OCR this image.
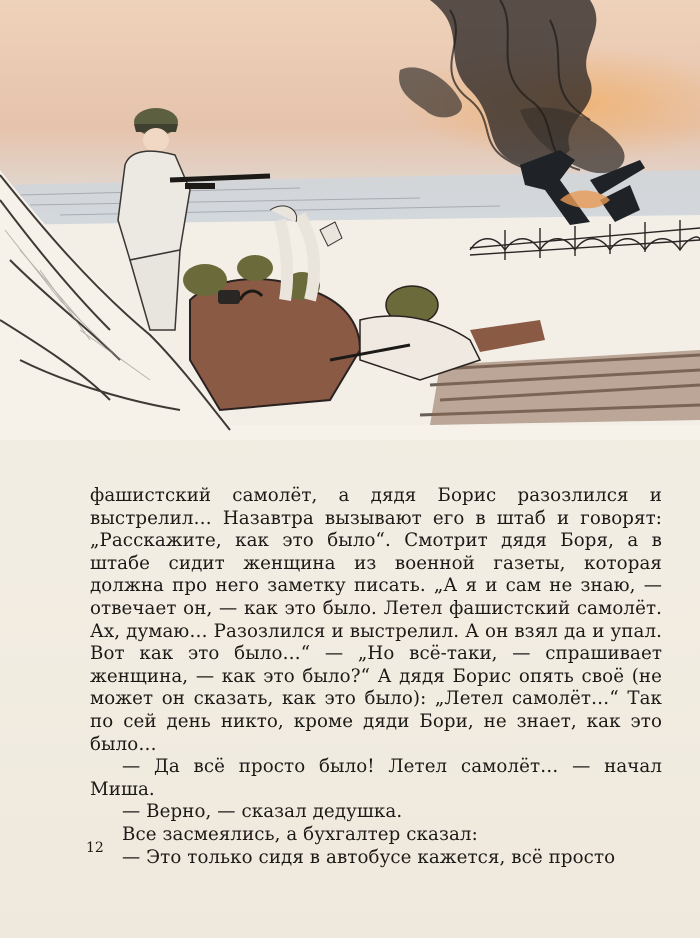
фашистский самолёт, а дядя Борис разозлился и выстрелил… Назавтра вызывают его в штаб и говорят: „Расскажите, как это было“. Смотрит дядя Боря, а в штабе сидит женщина из военной газеты, которая должна про него заметку писать. „А я и сам не знаю, — отвечает он, — как это было. Летел фашистский самолёт. Ах, думаю… Разозлился и выстрелил. А он взял да и упал. Вот как это было…“ — „Но всё-таки, — спрашивает женщина, — как это было?“ А дядя Борис опять своё (не может он сказать, как это было): „Летел самолёт…“ Так по сей день никто, кроме дяди Бори, не знает, как это было…

— Да всё просто было! Летел самолёт… — начал Миша.

— Верно, — сказал дедушка.

Все засмеялись, а бухгалтер сказал:

— Это только сидя в автобусе кажется, всё просто

12
